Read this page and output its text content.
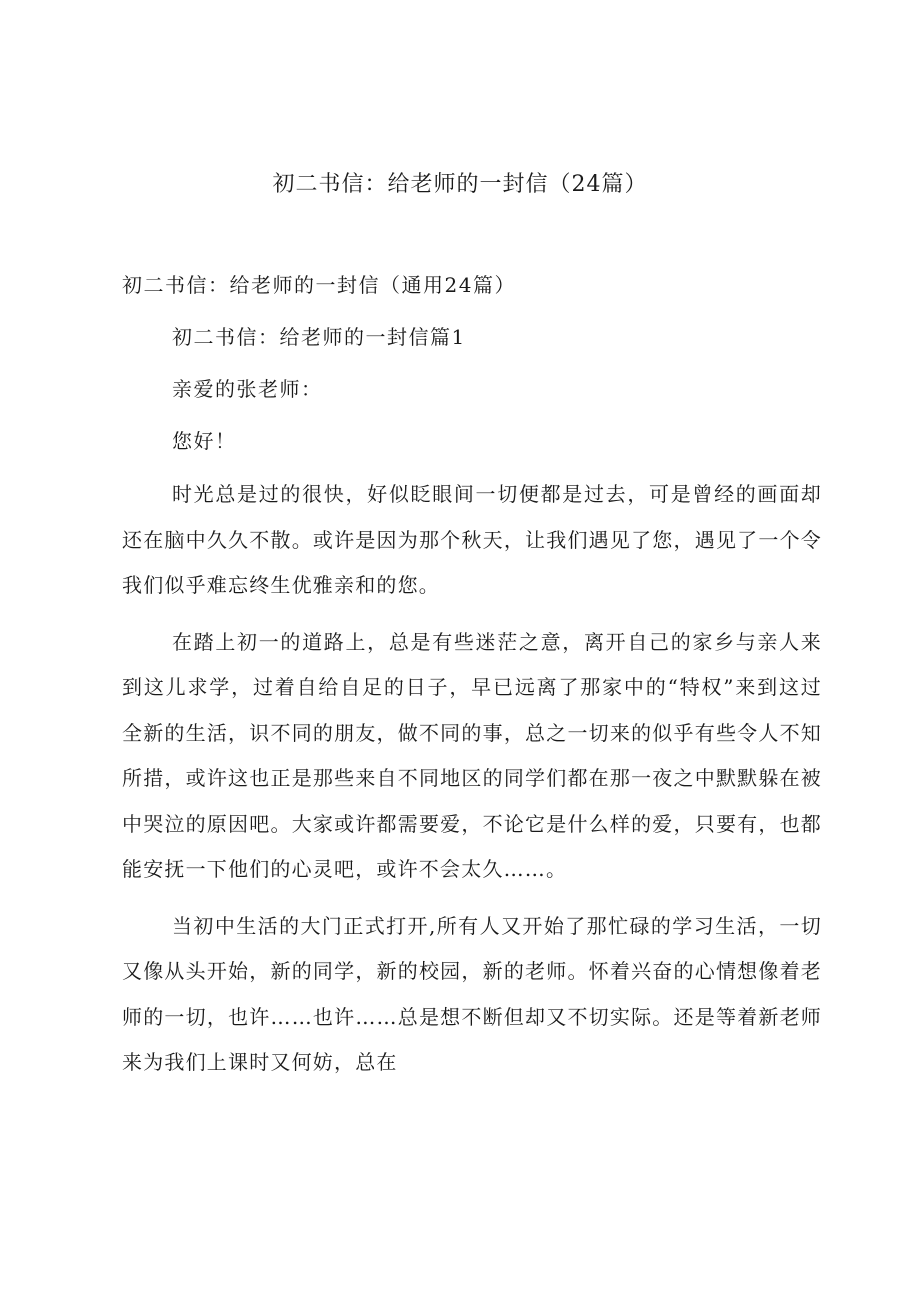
初二书信：给老师的一封信（24篇）

初二书信：给老师的一封信（通用24篇）

初二书信：给老师的一封信篇1

亲爱的张老师：

您好！

时光总是过的很快，好似眨眼间一切便都是过去，可是曾经的画面却还在脑中久久不散。或许是因为那个秋天，让我们遇见了您，遇见了一个令我们似乎难忘终生优雅亲和的您。

在踏上初一的道路上，总是有些迷茫之意，离开自己的家乡与亲人来到这儿求学，过着自给自足的日子，早已远离了那家中的“特权”来到这过全新的生活，识不同的朋友，做不同的事，总之一切来的似乎有些令人不知所措，或许这也正是那些来自不同地区的同学们都在那一夜之中默默躲在被中哭泣的原因吧。大家或许都需要爱，不论它是什么样的爱，只要有，也都能安抚一下他们的心灵吧，或许不会太久……。

当初中生活的大门正式打开,所有人又开始了那忙碌的学习生活，一切又像从头开始，新的同学，新的校园，新的老师。怀着兴奋的心情想像着老师的一切，也许……也许……总是想不断但却又不切实际。还是等着新老师来为我们上课时又何妨，总在
